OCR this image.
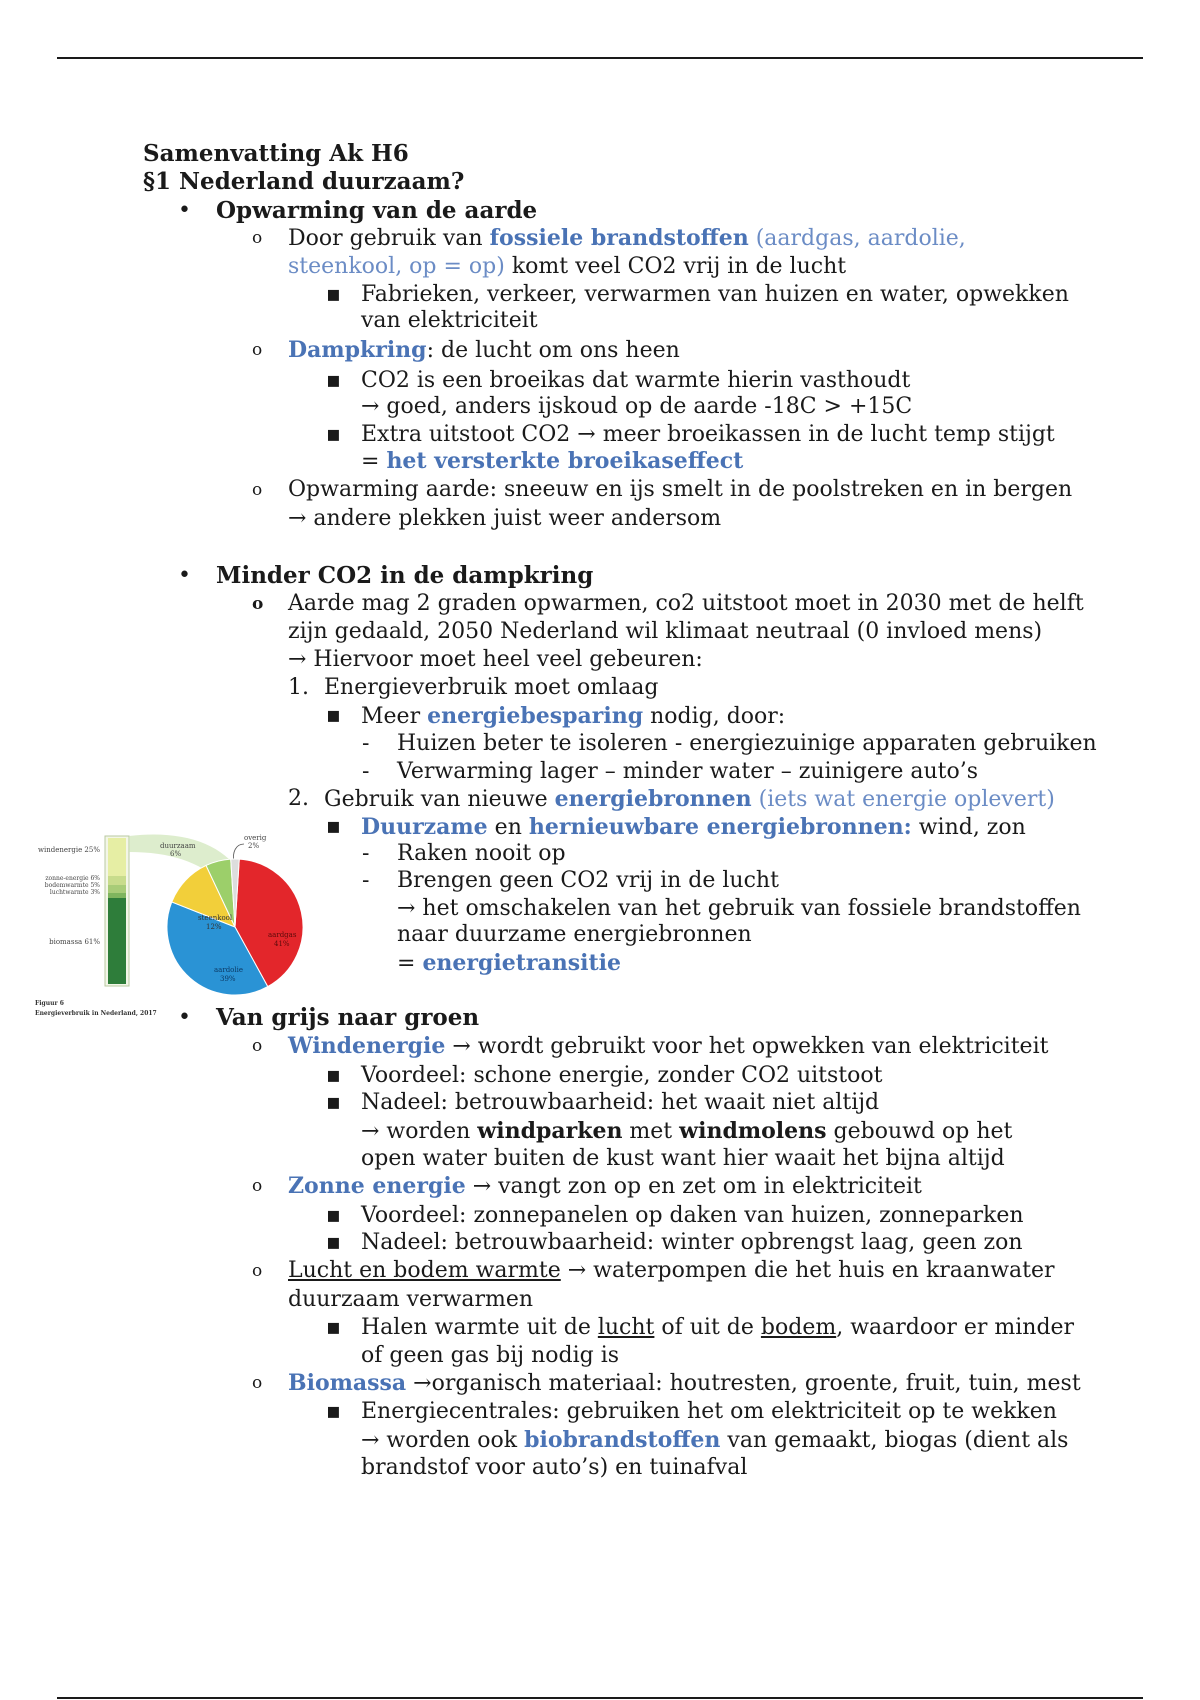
Samenvatting Ak H6
§1 Nederland duurzaam?
• Opwarming van de aarde
o Door gebruik van fossiele brandstoffen (aardgas, aardolie,
steenkool, op = op) komt veel CO2 vrij in de lucht
▪ Fabrieken, verkeer, verwarmen van huizen en water, opwekken
van elektriciteit
o Dampkring: de lucht om ons heen
▪ CO2 is een broeikas dat warmte hierin vasthoudt
→ goed, anders ijskoud op de aarde -18C > +15C
▪ Extra uitstoot CO2 → meer broeikassen in de lucht temp stijgt
= het versterkte broeikaseffect
o Opwarming aarde: sneeuw en ijs smelt in de poolstreken en in bergen
→ andere plekken juist weer andersom
• Minder CO2 in de dampkring
o Aarde mag 2 graden opwarmen, co2 uitstoot moet in 2030 met de helft
zijn gedaald, 2050 Nederland wil klimaat neutraal (0 invloed mens)
→ Hiervoor moet heel veel gebeuren:
1. Energieverbruik moet omlaag
▪ Meer energiebesparing nodig, door:
- Huizen beter te isoleren - energiezuinige apparaten gebruiken
- Verwarming lager – minder water – zuinigere auto’s
2. Gebruik van nieuwe energiebronnen (iets wat energie oplevert)
▪ Duurzame en hernieuwbare energiebronnen: wind, zon
- Raken nooit op
- Brengen geen CO2 vrij in de lucht
→ het omschakelen van het gebruik van fossiele brandstoffen
naar duurzame energiebronnen
= energietransitie
windenergie 25%
zonne-energie 6%
bodemwarmte 5%
luchtwarmte 3%
biomassa 61%
duurzaam
6%
overig
2%
steenkool
12%
aardgas
41%
aardolie
39%
Figuur 6
Energieverbruik in Nederland, 2017 • Van grijs naar groen
o Windenergie → wordt gebruikt voor het opwekken van elektriciteit
▪ Voordeel: schone energie, zonder CO2 uitstoot
▪ Nadeel: betrouwbaarheid: het waait niet altijd
→ worden windparken met windmolens gebouwd op het
open water buiten de kust want hier waait het bijna altijd
o Zonne energie → vangt zon op en zet om in elektriciteit
▪ Voordeel: zonnepanelen op daken van huizen, zonneparken
▪ Nadeel: betrouwbaarheid: winter opbrengst laag, geen zon
o Lucht en bodem warmte → waterpompen die het huis en kraanwater
duurzaam verwarmen
▪ Halen warmte uit de lucht of uit de bodem, waardoor er minder
of geen gas bij nodig is
o Biomassa →organisch materiaal: houtresten, groente, fruit, tuin, mest
▪ Energiecentrales: gebruiken het om elektriciteit op te wekken
→ worden ook biobrandstoffen van gemaakt, biogas (dient als
brandstof voor auto’s) en tuinafval
